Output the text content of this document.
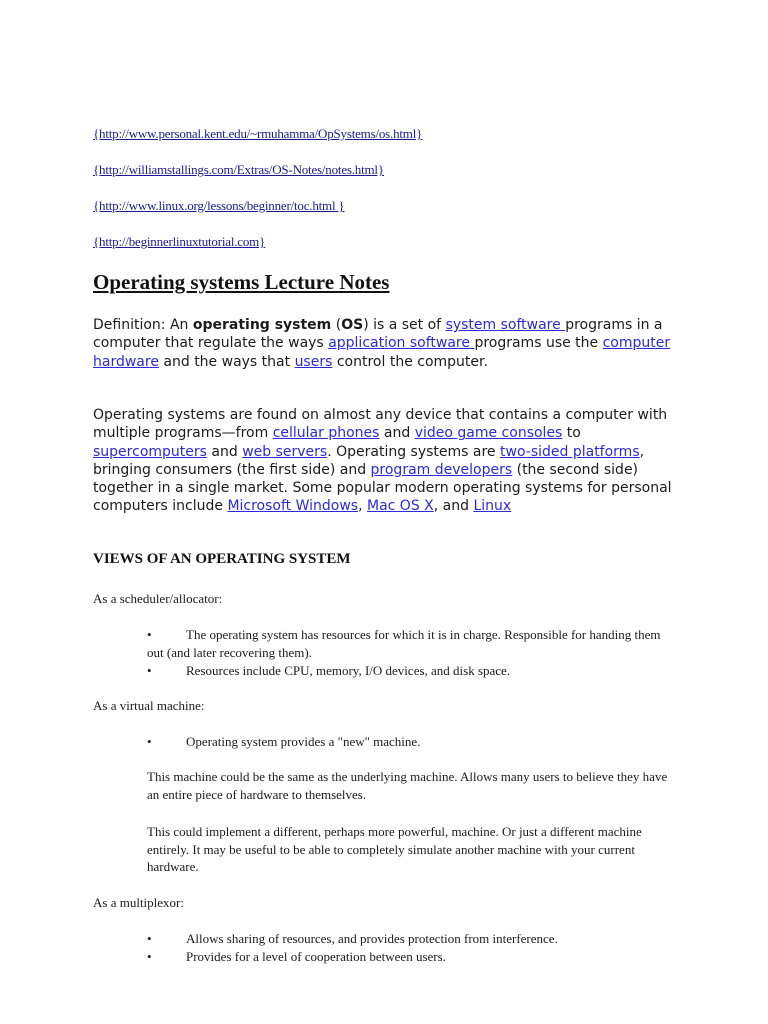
{http://www.personal.kent.edu/~rmuhamma/OpSystems/os.html}
{http://williamstallings.com/Extras/OS-Notes/notes.html}
{http://www.linux.org/lessons/beginner/toc.html }
{http://beginnerlinuxtutorial.com}
Operating systems Lecture Notes

Definition: An operating system (OS) is a set of system software programs in a computer that regulate the ways application software programs use the computer hardware and the ways that users control the computer.

Operating systems are found on almost any device that contains a computer with multiple programs—from cellular phones and video game consoles to supercomputers and web servers. Operating systems are two-sided platforms, bringing consumers (the first side) and program developers (the second side) together in a single market. Some popular modern operating systems for personal computers include Microsoft Windows, Mac OS X, and Linux

VIEWS OF AN OPERATING SYSTEM
As a scheduler/allocator:
•	The operating system has resources for which it is in charge. Responsible for handing them out (and later recovering them).
•	Resources include CPU, memory, I/O devices, and disk space.
As a virtual machine:
•	Operating system provides a "new" machine.

This machine could be the same as the underlying machine. Allows many users to believe they have an entire piece of hardware to themselves.

This could implement a different, perhaps more powerful, machine. Or just a different machine entirely. It may be useful to be able to completely simulate another machine with your current hardware.

As a multiplexor:
•	Allows sharing of resources, and provides protection from interference.
•	Provides for a level of cooperation between users.
